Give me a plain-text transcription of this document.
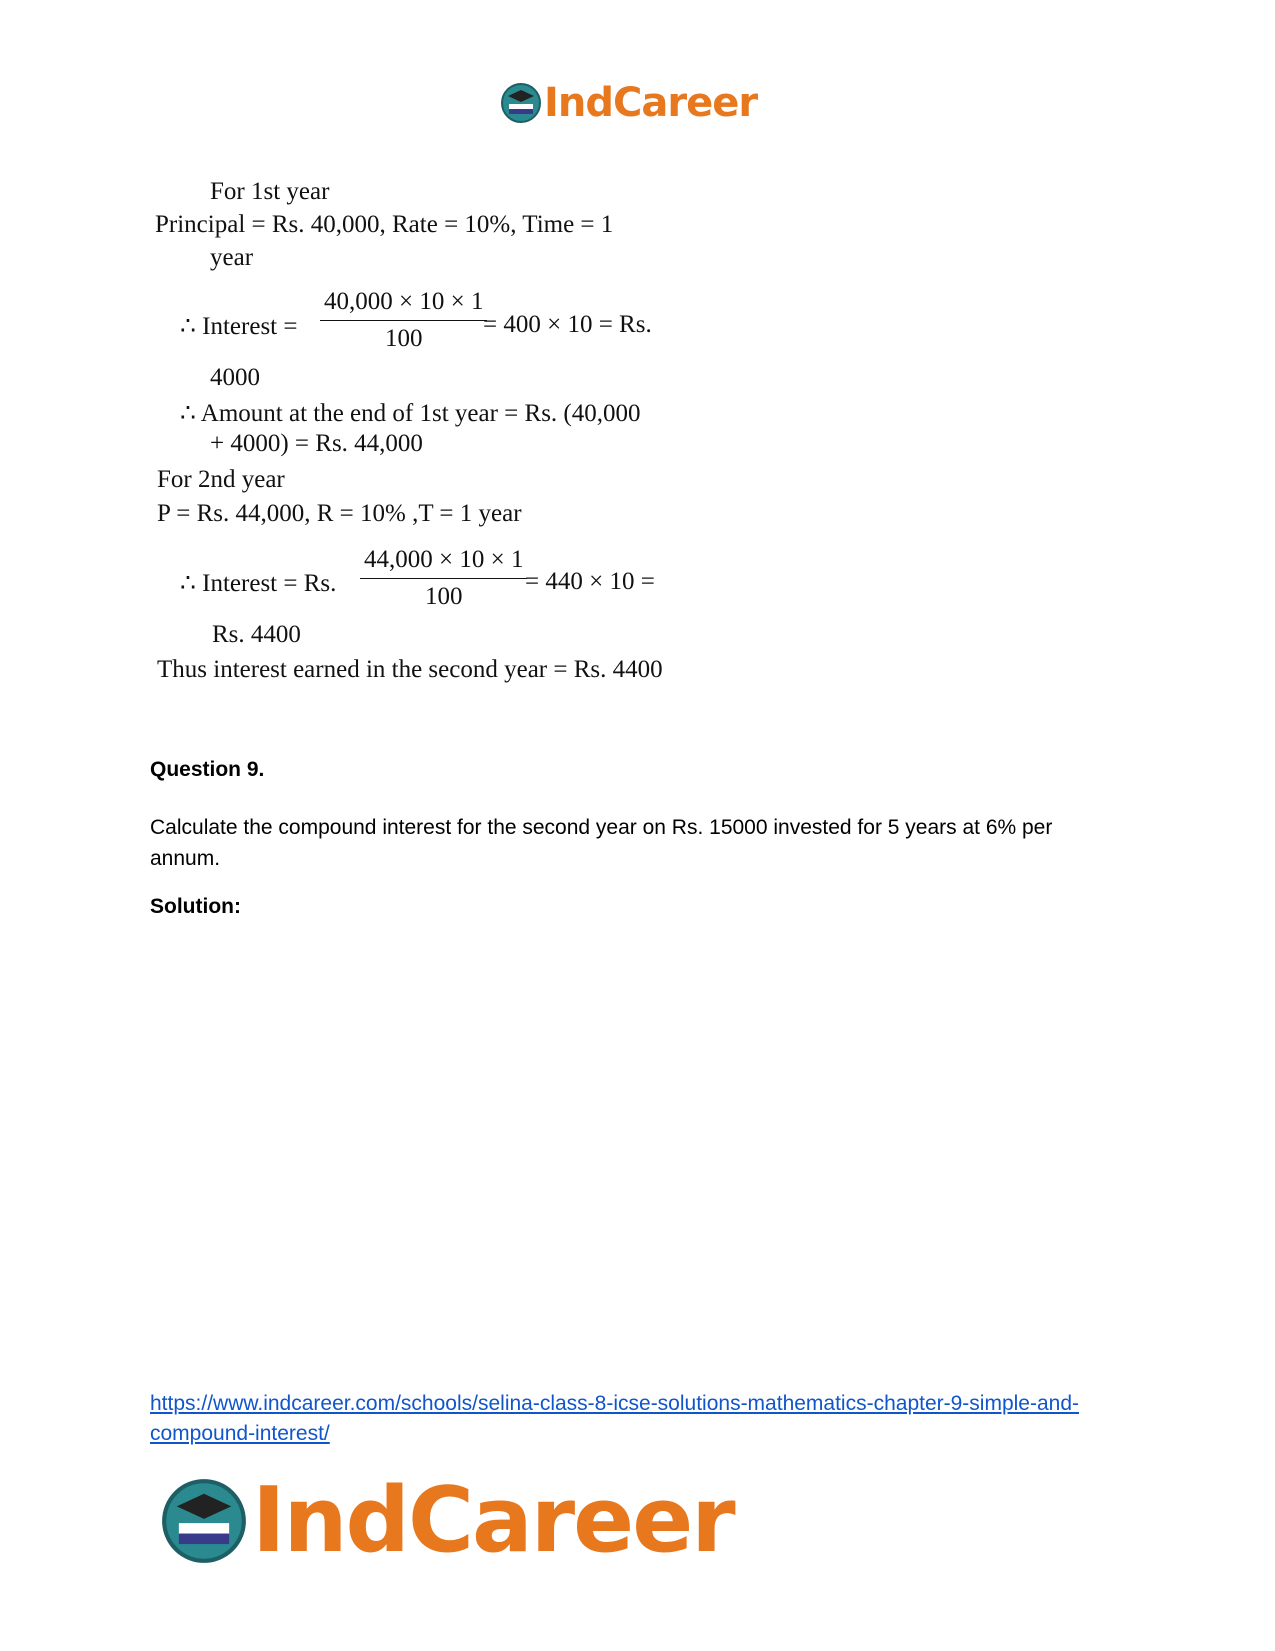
IndCareer
For 1st year
Principal = Rs. 40,000, Rate = 10%, Time = 1
year
∴ Interest = $\frac{40,000 \times 10 \times 1}{100}$
= 400 × 10 = Rs.
4000
∴ Amount at the end of 1st year = Rs. (40,000
+ 4000) = Rs. 44,000
For 2nd year
P = Rs. 44,000, R = 10% ,T = 1 year
∴ Interest = Rs. $\frac{44,000 \times 10 \times 1}{100}$
= 440 × 10 =
Rs. 4400
Thus interest earned in the second year = Rs. 4400
Question 9.
Calculate the compound interest for the second year on Rs. 15000 invested for 5 years at 6% per annum.
Solution:
https://www.indcareer.com/schools/selina-class-8-icse-solutions-mathematics-chapter-9-simple-and-compound-interest/
IndCareer
